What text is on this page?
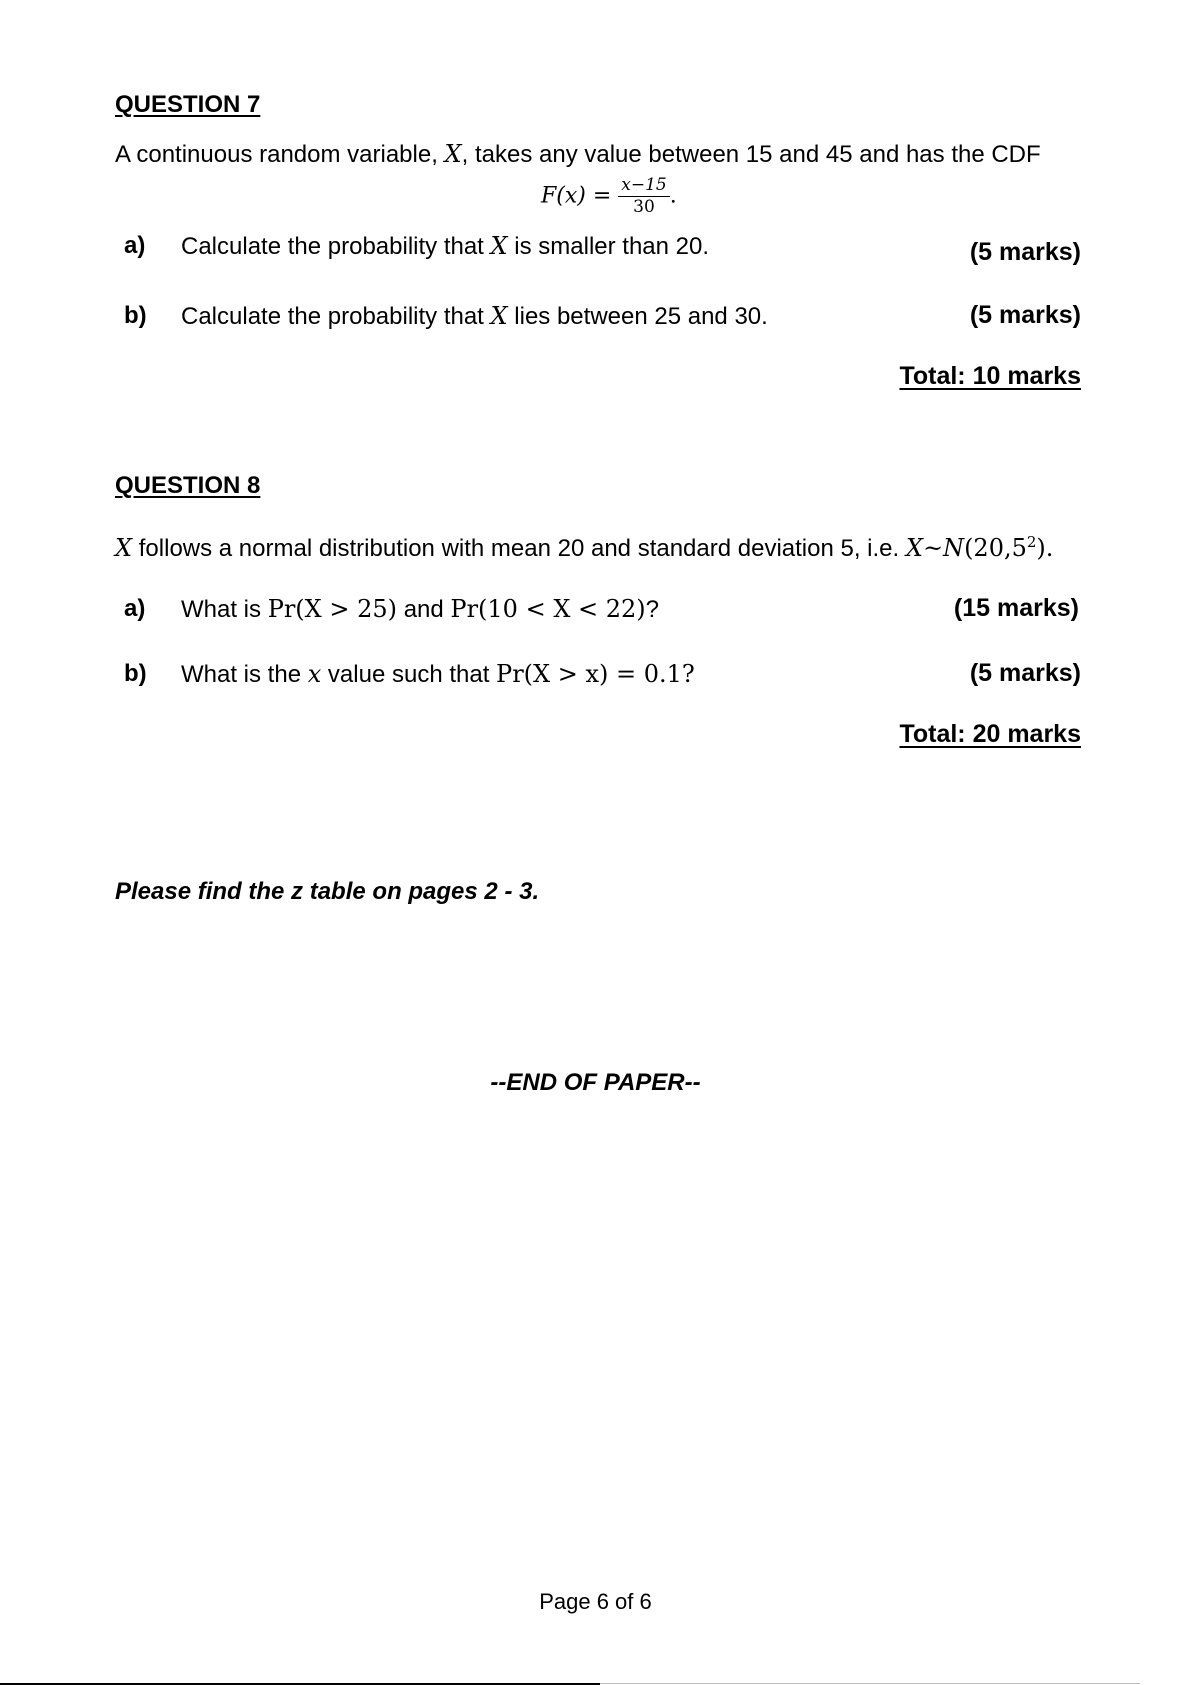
QUESTION 7
A continuous random variable, X, takes any value between 15 and 45 and has the CDF
$F(x) = \frac{x-15}{30}$ .
a) Calculate the probability that X is smaller than 20.	(5 marks)
b) Calculate the probability that X lies between 25 and 30.	(5 marks)
Total: 10 marks
QUESTION 8
X follows a normal distribution with mean 20 and standard deviation 5, i.e. X~N(20,5$^2$).
a) What is Pr(X > 25) and Pr(10 < X < 22)?	(15 marks)
b) What is the x value such that Pr(X > x) = 0.1?	(5 marks)
Total: 20 marks
Please find the z table on pages 2 - 3.
--END OF PAPER--
Page 6 of 6
